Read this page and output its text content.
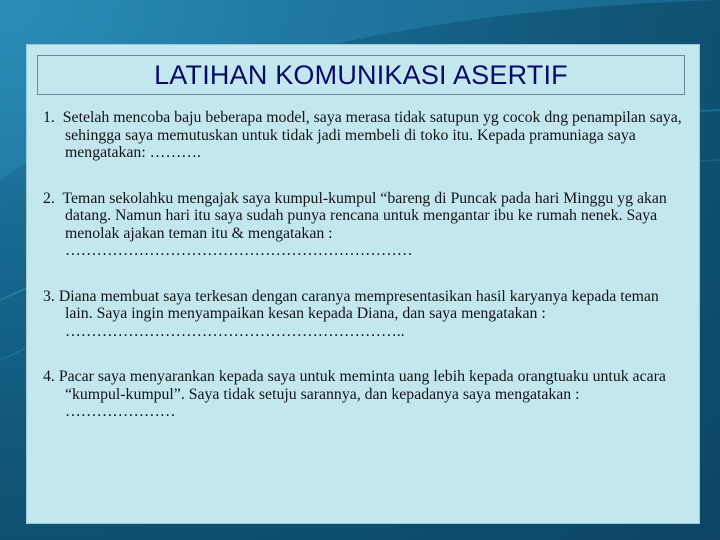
LATIHAN KOMUNIKASI ASERTIF
1. Setelah mencoba baju beberapa model, saya merasa tidak satupun yg cocok dng penampilan saya, sehingga saya memutuskan untuk tidak jadi membeli di toko itu. Kepada pramuniaga saya mengatakan: ……….
2. Teman sekolahku mengajak saya kumpul-kumpul “bareng di Puncak pada hari Minggu yg akan datang. Namun hari itu saya sudah punya rencana untuk mengantar ibu ke rumah nenek. Saya menolak ajakan teman itu & mengatakan : …………………………………………………………
3. Diana membuat saya terkesan dengan caranya mempresentasikan hasil karyanya kepada teman lain. Saya ingin menyampaikan kesan kepada Diana, dan saya mengatakan : ………………………………………………………..
4. Pacar saya menyarankan kepada saya untuk meminta uang lebih kepada orangtuaku untuk acara “kumpul-kumpul”. Saya tidak setuju sarannya, dan kepadanya saya mengatakan : …………………
